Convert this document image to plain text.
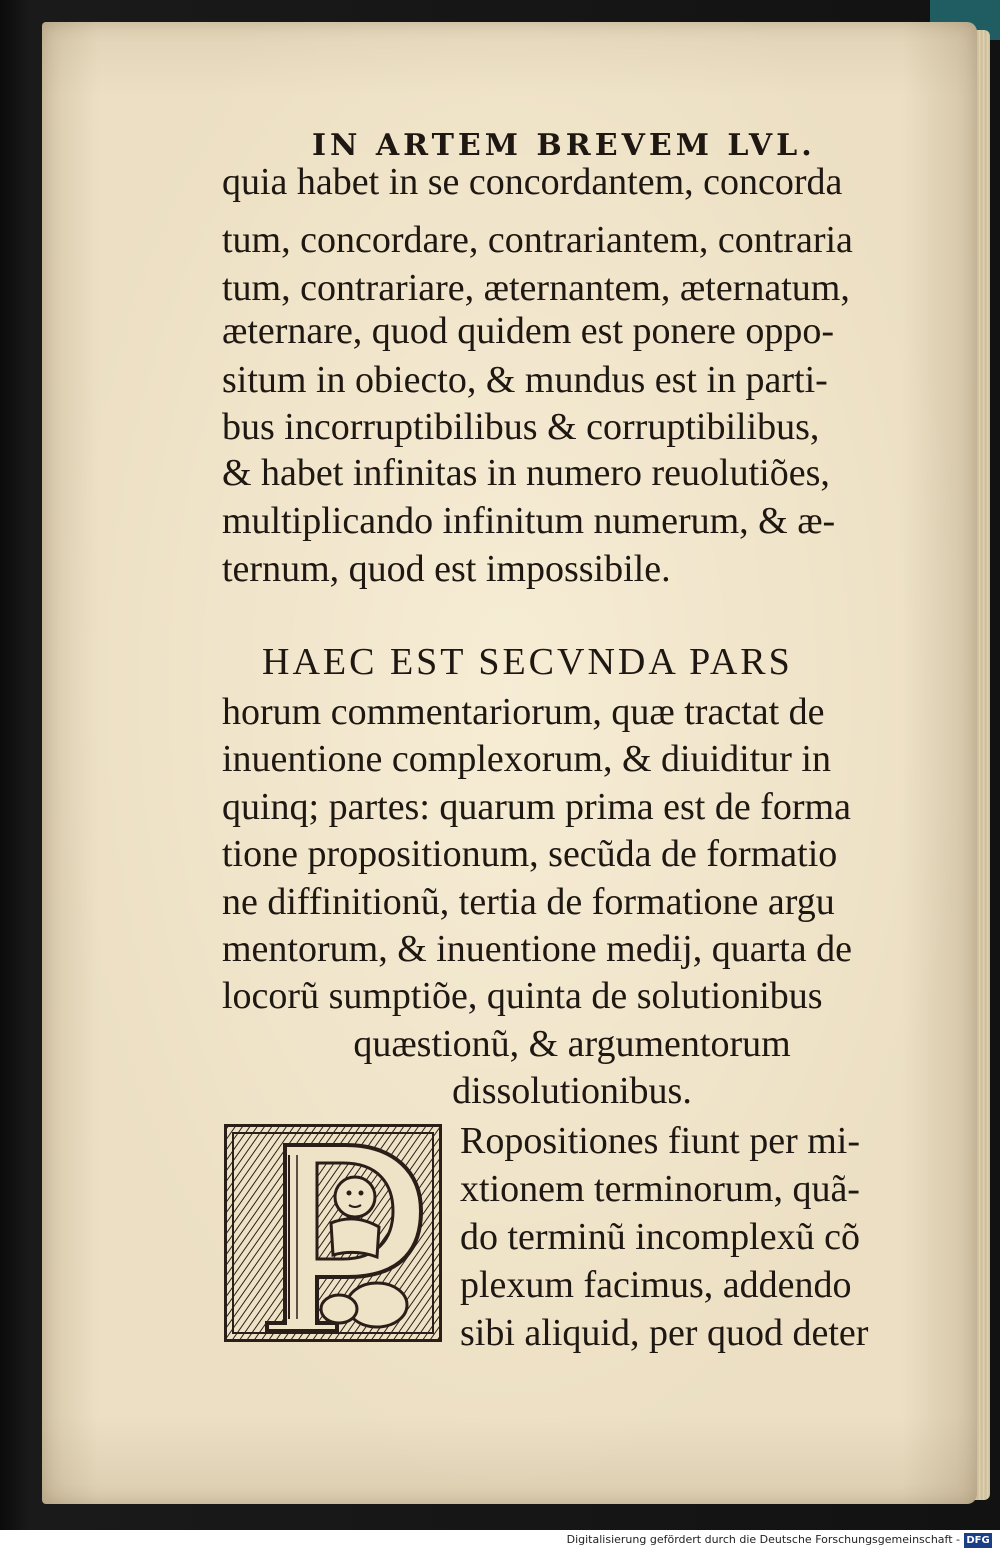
IN ARTEM BREVEM LVL.
quia habet in se concordantem, concorda
tum, concordare, contrariantem, contraria
tum, contrariare, æternantem, æternatum,
æternare, quod quidem est ponere oppo-
situm in obiecto, & mundus est in parti-
bus incorruptibilibus & corruptibilibus,
& habet infinitas in numero reuolutiões,
multiplicando infinitum numerum, & æ-
ternum, quod est impossibile.
HAEC EST SECVNDA PARS
horum commentariorum, quæ tractat de
inuentione complexorum, & diuiditur in
quinq; partes: quarum prima est de forma
tione propositionum, secũda de formatio
ne diffinitionũ, tertia de formatione argu
mentorum, & inuentione medij, quarta de
locorũ sumptiõe, quinta de solutionibus
quæstionũ, & argumentorum
dissolutionibus.
Ropositiones fiunt per mi-
xtionem terminorum, quã-
do terminũ incomplexũ cõ
plexum facimus, addendo
sibi aliquid, per quod deter
Digitalisierung gefördert durch die Deutsche Forschungsgemeinschaft - DFG
